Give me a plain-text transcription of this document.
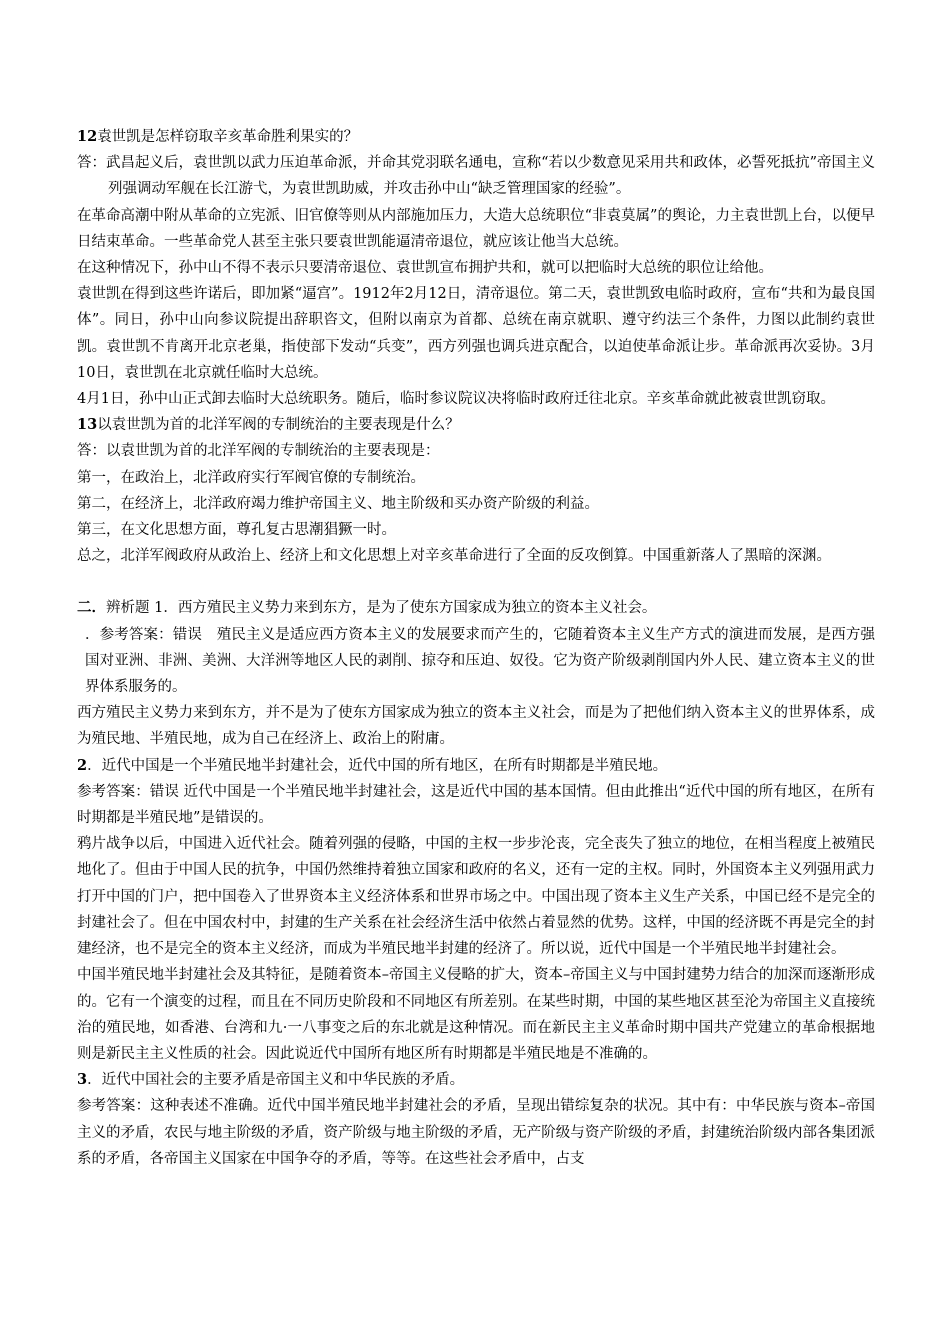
12袁世凯是怎样窃取辛亥革命胜利果实的？

答：武昌起义后，袁世凯以武力压迫革命派，并命其党羽联名通电，宣称“若以少数意见采用共和政体，必誓死抵抗”帝国主义列强调动军舰在长江游弋，为袁世凯助威，并攻击孙中山“缺乏管理国家的经验”。

在革命高潮中附从革命的立宪派、旧官僚等则从内部施加压力，大造大总统职位“非袁莫属”的舆论，力主袁世凯上台，以便早日结束革命。一些革命党人甚至主张只要袁世凯能逼清帝退位，就应该让他当大总统。

在这种情况下，孙中山不得不表示只要清帝退位、袁世凯宣布拥护共和，就可以把临时大总统的职位让给他。

袁世凯在得到这些许诺后，即加紧“逼宫”。1912年2月12日，清帝退位。第二天，袁世凯致电临时政府，宣布“共和为最良国体”。同日，孙中山向参议院提出辞职咨文，但附以南京为首都、总统在南京就职、遵守约法三个条件，力图以此制约袁世凯。袁世凯不肯离开北京老巢，指使部下发动“兵变”，西方列强也调兵进京配合，以迫使革命派让步。革命派再次妥协。3月10日，袁世凯在北京就任临时大总统。

4月1日，孙中山正式卸去临时大总统职务。随后，临时参议院议决将临时政府迁往北京。辛亥革命就此被袁世凯窃取。

13以袁世凯为首的北洋军阀的专制统治的主要表现是什么？

答：以袁世凯为首的北洋军阀的专制统治的主要表现是：

第一，在政治上，北洋政府实行军阀官僚的专制统治。

第二，在经济上，北洋政府竭力维护帝国主义、地主阶级和买办资产阶级的利益。

第三，在文化思想方面，尊孔复古思潮猖獗一时。

总之，北洋军阀政府从政治上、经济上和文化思想上对辛亥革命进行了全面的反攻倒算。中国重新落人了黑暗的深渊。

二．辨析题 1．西方殖民主义势力来到东方，是为了使东方国家成为独立的资本主义社会。

．参考答案：错误　殖民主义是适应西方资本主义的发展要求而产生的，它随着资本主义生产方式的演进而发展，是西方强国对亚洲、非洲、美洲、大洋洲等地区人民的剥削、掠夺和压迫、奴役。它为资产阶级剥削国内外人民、建立资本主义的世界体系服务的。

西方殖民主义势力来到东方，并不是为了使东方国家成为独立的资本主义社会，而是为了把他们纳入资本主义的世界体系，成为殖民地、半殖民地，成为自己在经济上、政治上的附庸。

2．近代中国是一个半殖民地半封建社会，近代中国的所有地区，在所有时期都是半殖民地。

参考答案：错误 近代中国是一个半殖民地半封建社会，这是近代中国的基本国情。但由此推出“近代中国的所有地区，在所有时期都是半殖民地”是错误的。

鸦片战争以后，中国进入近代社会。随着列强的侵略，中国的主权一步步沦丧，完全丧失了独立的地位，在相当程度上被殖民地化了。但由于中国人民的抗争，中国仍然维持着独立国家和政府的名义，还有一定的主权。同时，外国资本主义列强用武力打开中国的门户，把中国卷入了世界资本主义经济体系和世界市场之中。中国出现了资本主义生产关系，中国已经不是完全的封建社会了。但在中国农村中，封建的生产关系在社会经济生活中依然占着显然的优势。这样，中国的经济既不再是完全的封建经济，也不是完全的资本主义经济，而成为半殖民地半封建的经济了。所以说，近代中国是一个半殖民地半封建社会。

中国半殖民地半封建社会及其特征，是随着资本–帝国主义侵略的扩大，资本–帝国主义与中国封建势力结合的加深而逐渐形成的。它有一个演变的过程，而且在不同历史阶段和不同地区有所差别。在某些时期，中国的某些地区甚至沦为帝国主义直接统治的殖民地，如香港、台湾和九·一八事变之后的东北就是这种情况。而在新民主主义革命时期中国共产党建立的革命根据地则是新民主主义性质的社会。因此说近代中国所有地区所有时期都是半殖民地是不准确的。

3．近代中国社会的主要矛盾是帝国主义和中华民族的矛盾。

参考答案：这种表述不准确。近代中国半殖民地半封建社会的矛盾，呈现出错综复杂的状况。其中有：中华民族与资本–帝国主义的矛盾，农民与地主阶级的矛盾，资产阶级与地主阶级的矛盾，无产阶级与资产阶级的矛盾，封建统治阶级内部各集团派系的矛盾，各帝国主义国家在中国争夺的矛盾，等等。在这些社会矛盾中，占支
